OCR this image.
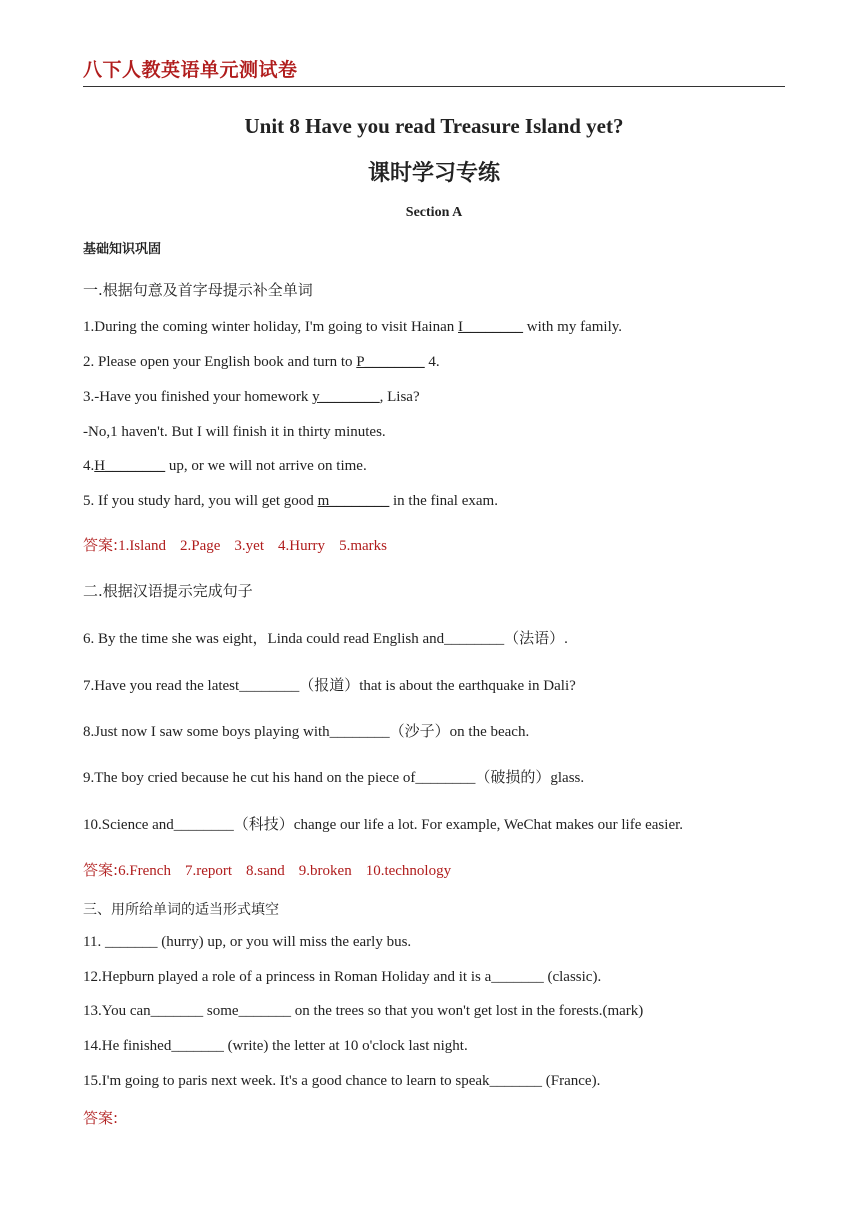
八下人教英语单元测试卷
Unit 8 Have you read Treasure Island yet?
课时学习专练
Section A
基础知识巩固
一.根据句意及首字母提示补全单词
1.During the coming winter holiday, I'm going to visit Hainan I________ with my family.
2. Please open your English book and turn to P________ 4.
3.-Have you finished your homework y________, Lisa?
-No,1 haven't. But I will finish it in thirty minutes.
4.H________ up, or we will not arrive on time.
5. If you study hard, you will get good m________ in the final exam.
答案:1.Island 2.Page 3.yet 4.Hurry 5.marks
二.根据汉语提示完成句子
6. By the time she was eight，Linda could read English and________（法语）.
7.Have you read the latest________（报道）that is about the earthquake in Dali?
8.Just now I saw some boys playing with________（沙子）on the beach.
9.The boy cried because he cut his hand on the piece of________（破损的）glass.
10.Science and________（科技）change our life a lot. For example, WeChat makes our life easier.
答案:6.French 7.report 8.sand 9.broken 10.technology
三、用所给单词的适当形式填空
11. _______ (hurry) up, or you will miss the early bus.
12.Hepburn played a role of a princess in Roman Holiday and it is a_______ (classic).
13.You can_______ some_______ on the trees so that you won't get lost in the forests.(mark)
14.He finished_______ (write) the letter at 10 o'clock last night.
15.I'm going to paris next week. It's a good chance to learn to speak_______ (France).
答案:
